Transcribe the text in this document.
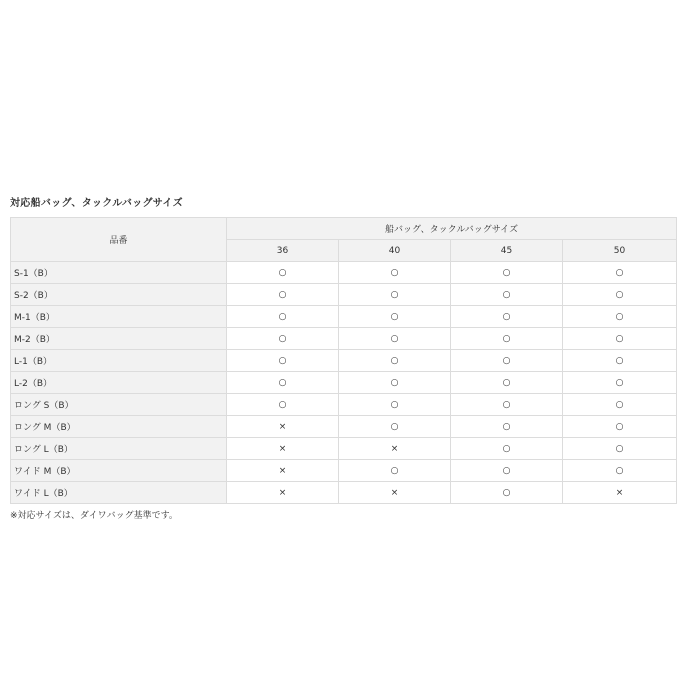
対応船バッグ、タックルバッグサイズ
品番	船バッグ、タックルバッグサイズ			
	36	40	45	50
S-1（B）	○	○	○	○
S-2（B）	○	○	○	○
M-1（B）	○	○	○	○
M-2（B）	○	○	○	○
L-1（B）	○	○	○	○
L-2（B）	○	○	○	○
ロング S（B）	○	○	○	○
ロング M（B）	×	○	○	○
ロング L（B）	×	×	○	○
ワイド M（B）	×	○	○	○
ワイド L（B）	×	×	○	×
※対応サイズは、ダイワバッグ基準です。
